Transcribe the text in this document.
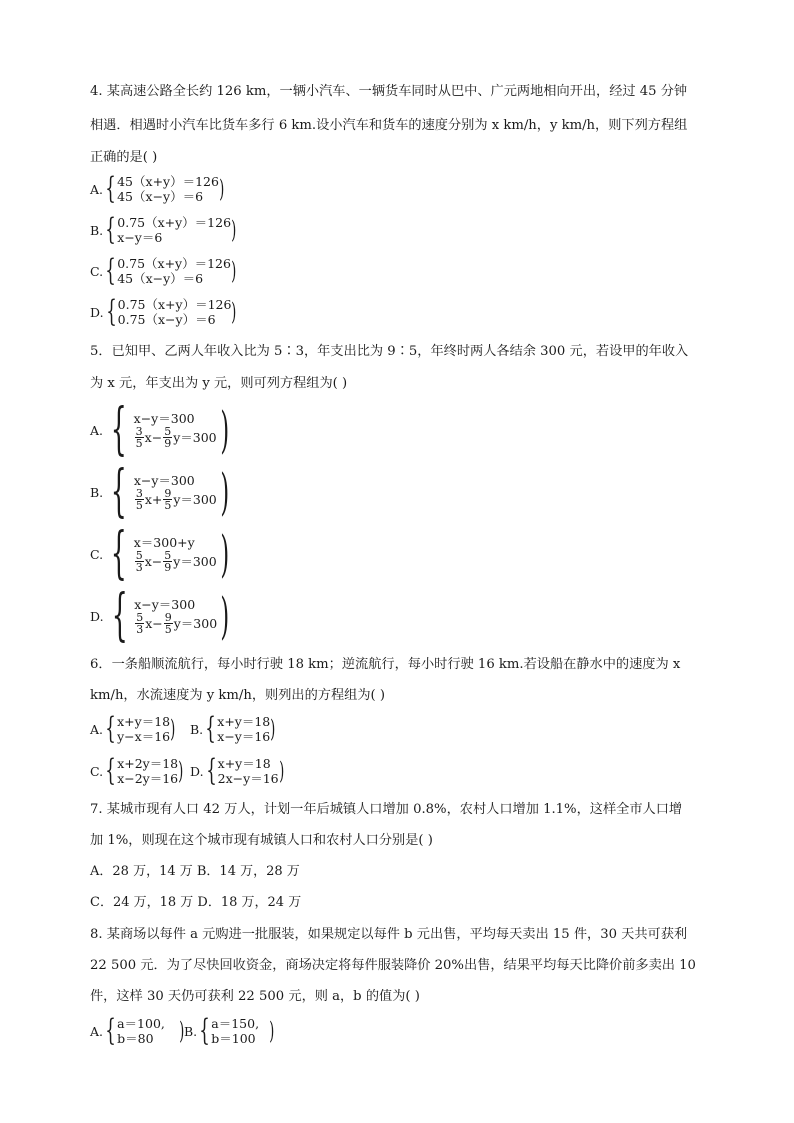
4. 某高速公路全长约 126 km，一辆小汽车、一辆货车同时从巴中、广元两地相向开出，经过 45 分钟
相遇．相遇时小汽车比货车多行 6 km.设小汽车和货车的速度分别为 x km/h，y km/h，则下列方程组
正确的是( )
A. { 45（x+y）＝126
45（x−y）＝6 )
B. { 0.75（x+y）＝126
x−y＝6	)
C. { 0.75（x+y）＝126
45（x−y）＝6	)
D. { 0.75（x+y）＝126
0.75（x−y）＝6 )
5．已知甲、乙两人年收入比为 5∶3，年支出比为 9∶5，年终时两人各结余 300 元，若设甲的年收入
为 x 元，年支出为 y 元，则可列方程组为( )
A. { x−y＝300
$\frac{3}{5} x- \frac{5}{9} y=300$ )
B. { x−y＝300
$\frac{3}{5} x+ \frac{9}{5} y=300$ )
C. { x＝300+y
$\frac{5}{3} x- \frac{5}{9} y=300$ )
D. { x−y＝300
$\frac{5}{3} x- \frac{9}{5} y=300$ )
6．一条船顺流航行，每小时行驶 18 km；逆流航行，每小时行驶 16 km.若设船在静水中的速度为 x
km/h，水流速度为 y km/h，则列出的方程组为( )
A. { x+y＝18
y−x＝16 ) B. { x+y＝18
x−y＝16 )
C. { x+2y＝18
x−2y＝16 ) D. { x+y＝18
2x−y＝16 )
7. 某城市现有人口 42 万人，计划一年后城镇人口增加 0.8%，农村人口增加 1.1%，这样全市人口增
加 1%，则现在这个城市现有城镇人口和农村人口分别是( )
A．28 万，14 万 B．14 万，28 万
C．24 万，18 万 D．18 万，24 万
8. 某商场以每件 a 元购进一批服装，如果规定以每件 b 元出售，平均每天卖出 15 件，30 天共可获利
22 500 元．为了尽快回收资金，商场决定将每件服装降价 20%出售，结果平均每天比降价前多卖出 10
件，这样 30 天仍可获利 22 500 元，则 a，b 的值为( )
A. { a＝100,
b＝80	) B. { a＝150,
b＝100 )
